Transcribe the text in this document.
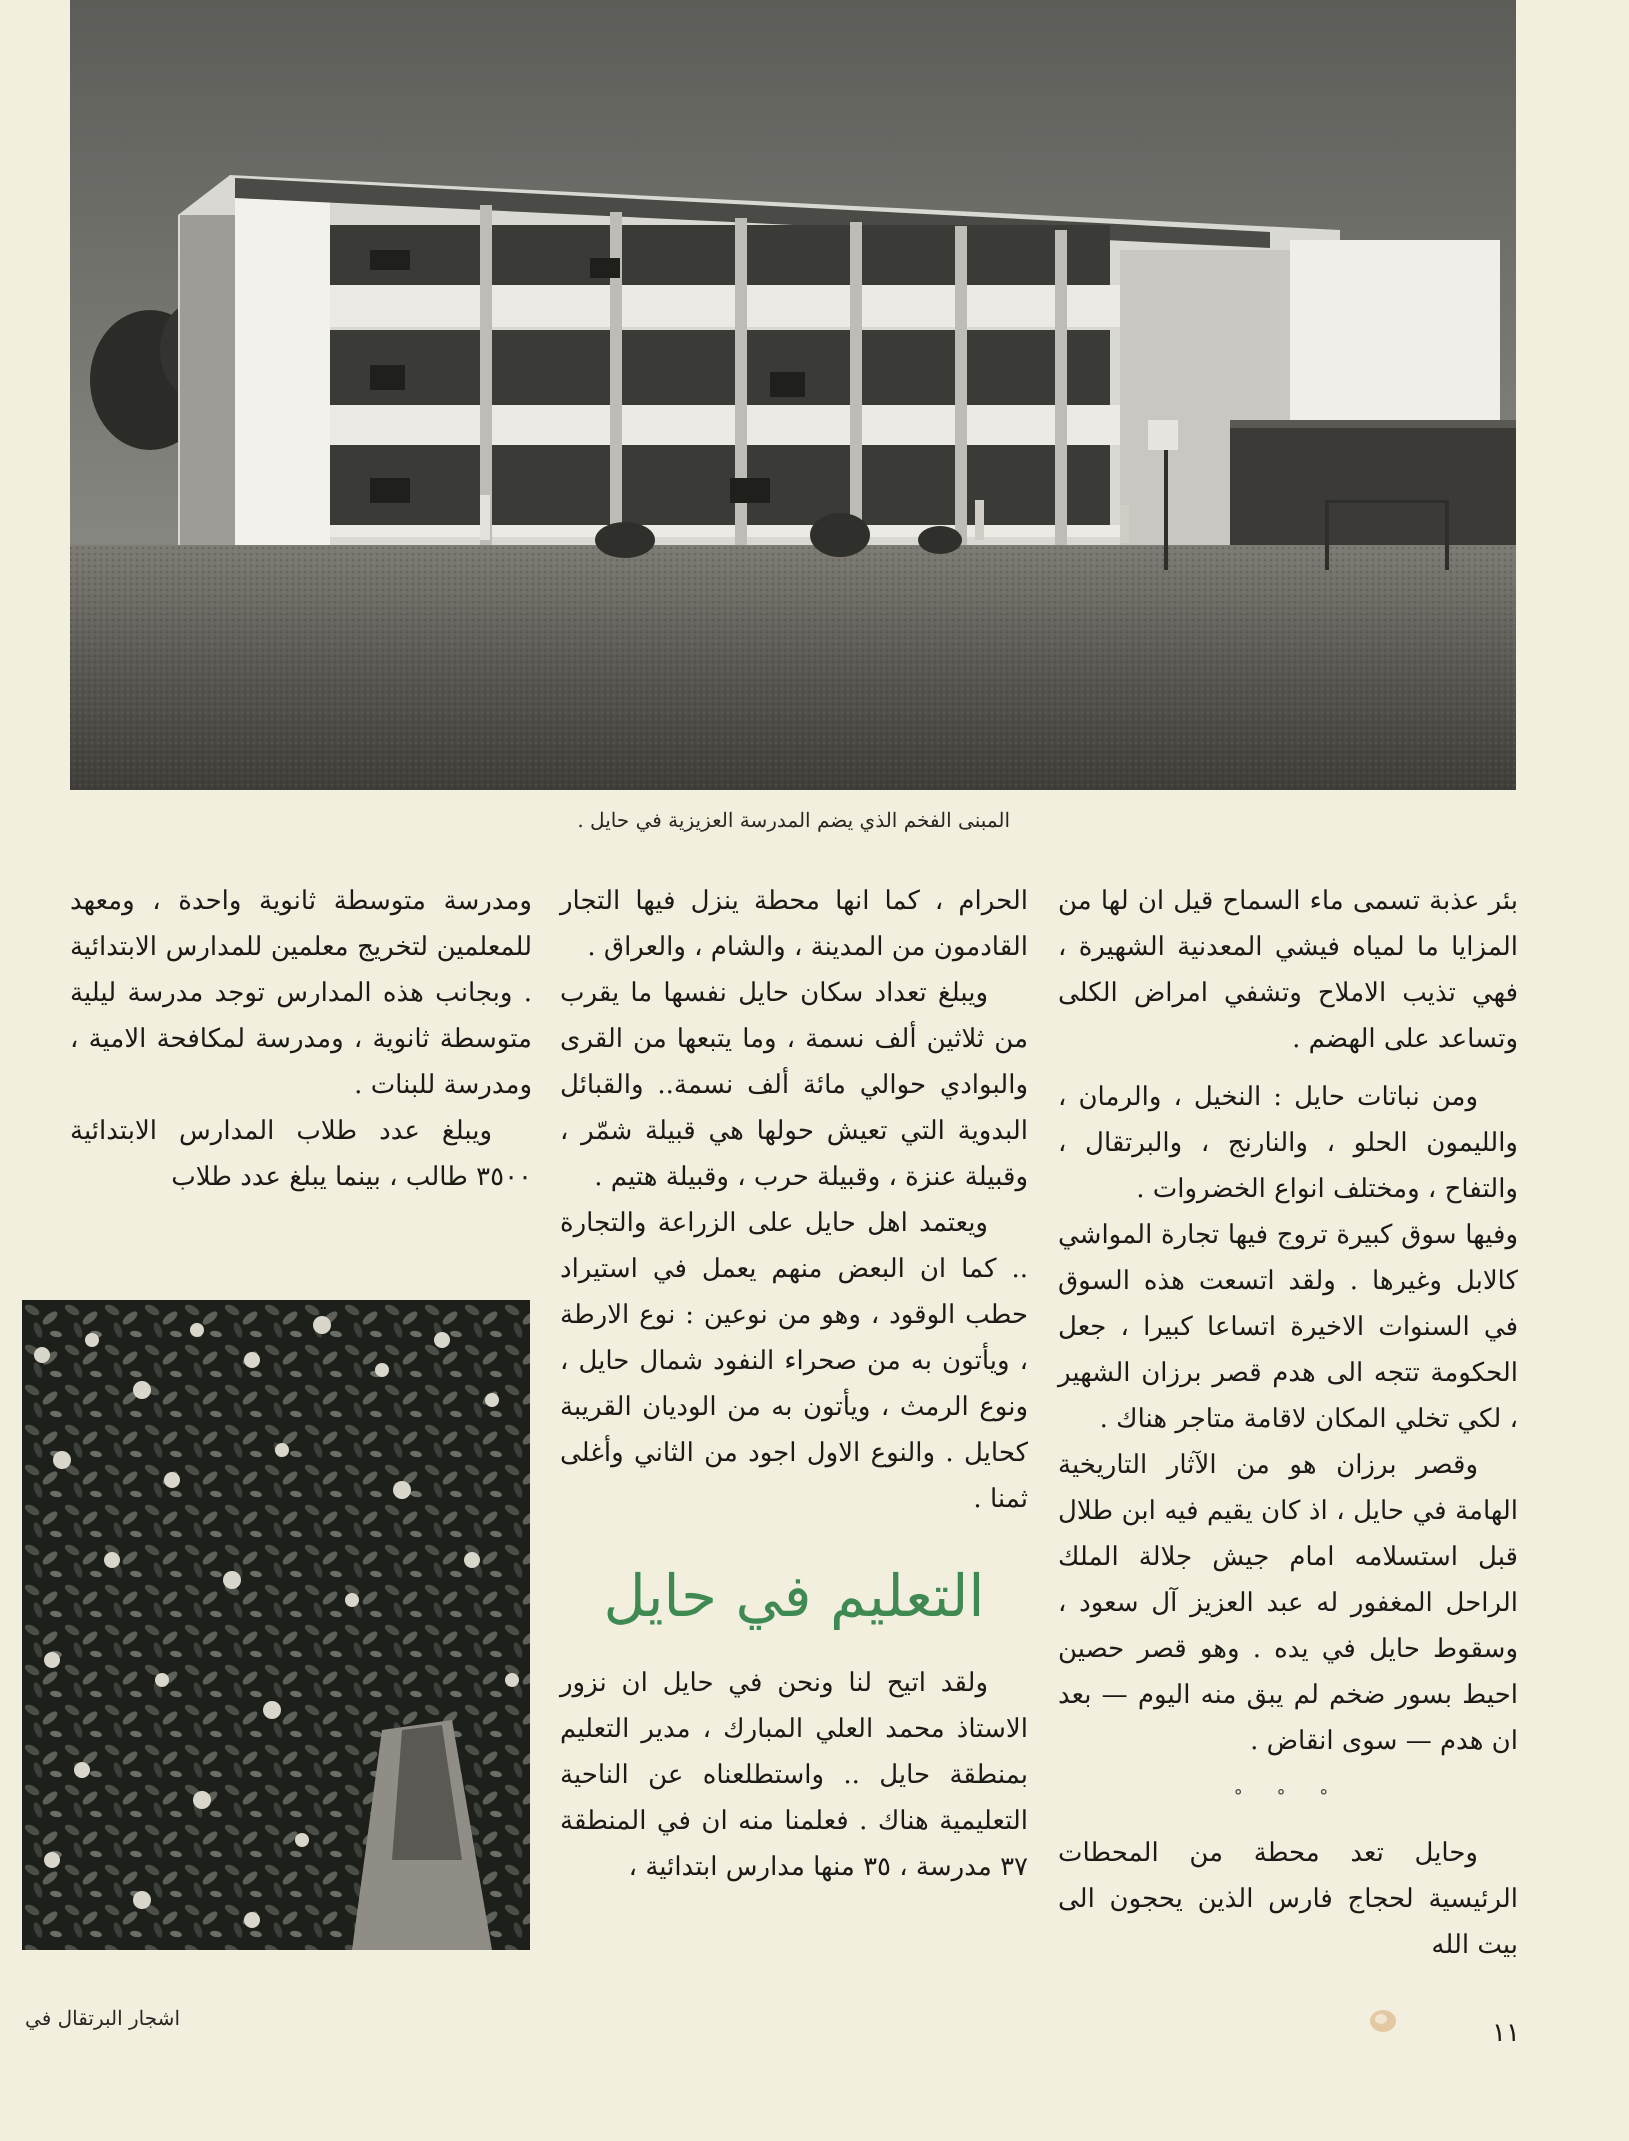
المبنى الفخم الذي يضم المدرسة العزيزية في حايل .

بئر عذبة تسمى ماء السماح قيل ان لها من المزايا ما لمياه فيشي المعدنية الشهيرة ، فهي تذيب الاملاح وتشفي امراض الكلى وتساعد على الهضم .

ومن نباتات حايل : النخيل ، والرمان ، والليمون الحلو ، والنارنج ، والبرتقال ، والتفاح ، ومختلف انواع الخضروات .

وفيها سوق كبيرة تروج فيها تجارة المواشي كالابل وغيرها . ولقد اتسعت هذه السوق في السنوات الاخيرة اتساعا كبيرا ، جعل الحكومة تتجه الى هدم قصر برزان الشهير ، لكي تخلي المكان لاقامة متاجر هناك .

وقصر برزان هو من الآثار التاريخية الهامة في حايل ، اذ كان يقيم فيه ابن طلال قبل استسلامه امام جيش جلالة الملك الراحل المغفور له عبد العزيز آل سعود ، وسقوط حايل في يده . وهو قصر حصين احيط بسور ضخم لم يبق منه اليوم — بعد ان هدم — سوى انقاض .

° ° °

وحايل تعد محطة من المحطات الرئيسية لحجاج فارس الذين يحجون الى بيت الله

الحرام ، كما انها محطة ينزل فيها التجار القادمون من المدينة ، والشام ، والعراق .

ويبلغ تعداد سكان حايل نفسها ما يقرب من ثلاثين ألف نسمة ، وما يتبعها من القرى والبوادي حوالي مائة ألف نسمة.. والقبائل البدوية التي تعيش حولها هي قبيلة شمّر ، وقبيلة عنزة ، وقبيلة حرب ، وقبيلة هتيم .

ويعتمد اهل حايل على الزراعة والتجارة .. كما ان البعض منهم يعمل في استيراد حطب الوقود ، وهو من نوعين : نوع الارطة ، ويأتون به من صحراء النفود شمال حايل ، ونوع الرمث ، ويأتون به من الوديان القريبة كحايل . والنوع الاول اجود من الثاني وأغلى ثمنا .

التعليم في حايل

ولقد اتيح لنا ونحن في حايل ان نزور الاستاذ محمد العلي المبارك ، مدير التعليم بمنطقة حايل .. واستطلعناه عن الناحية التعليمية هناك . فعلمنا منه ان في المنطقة ٣٧ مدرسة ، ٣٥ منها مدارس ابتدائية ،

ومدرسة متوسطة ثانوية واحدة ، ومعهد للمعلمين لتخريج معلمين للمدارس الابتدائية . وبجانب هذه المدارس توجد مدرسة ليلية متوسطة ثانوية ، ومدرسة لمكافحة الامية ، ومدرسة للبنات .

ويبلغ عدد طلاب المدارس الابتدائية ٣٥٠٠ طالب ، بينما يبلغ عدد طلاب

اشجار البرتقال في	١١
